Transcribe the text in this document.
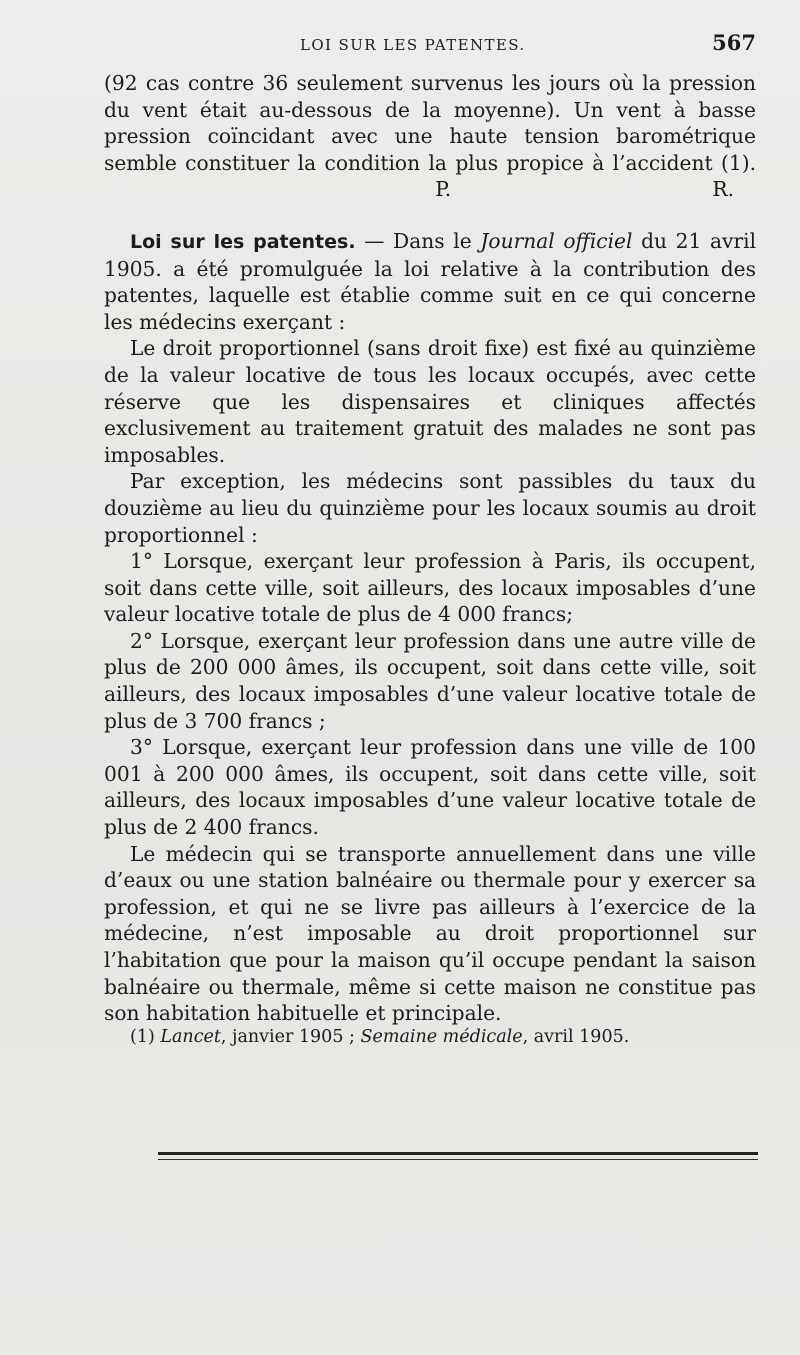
LOI SUR LES PATENTES.	567

(92 cas contre 36 seulement survenus les jours où la pression du vent était au-dessous de la moyenne). Un vent à basse pression coïncidant avec une haute tension barométrique semble constituer la condition la plus propice à l’accident (1).  P. R.

Loi sur les patentes. — Dans le Journal officiel du 21 avril 1905. a été promulguée la loi relative à la contribution des patentes, laquelle est établie comme suit en ce qui concerne les médecins exerçant :

Le droit proportionnel (sans droit fixe) est fixé au quinzième de la valeur locative de tous les locaux occupés, avec cette réserve que les dispensaires et cliniques affectés exclusivement au traitement gratuit des malades ne sont pas imposables.

Par exception, les médecins sont passibles du taux du douzième au lieu du quinzième pour les locaux soumis au droit proportionnel :

1° Lorsque, exerçant leur profession à Paris, ils occupent, soit dans cette ville, soit ailleurs, des locaux imposables d’une valeur locative totale de plus de 4 000 francs;

2° Lorsque, exerçant leur profession dans une autre ville de plus de 200 000 âmes, ils occupent, soit dans cette ville, soit ailleurs, des locaux imposables d’une valeur locative totale de plus de 3 700 francs ;

3° Lorsque, exerçant leur profession dans une ville de 100 001 à 200 000 âmes, ils occupent, soit dans cette ville, soit ailleurs, des locaux imposables d’une valeur locative totale de plus de 2 400 francs.

Le médecin qui se transporte annuellement dans une ville d’eaux ou une station balnéaire ou thermale pour y exercer sa profession, et qui ne se livre pas ailleurs à l’exercice de la médecine, n’est imposable au droit proportionnel sur l’habitation que pour la maison qu’il occupe pendant la saison balnéaire ou thermale, même si cette maison ne constitue pas son habitation habituelle et principale.

(1) Lancet, janvier 1905 ; Semaine médicale, avril 1905.
